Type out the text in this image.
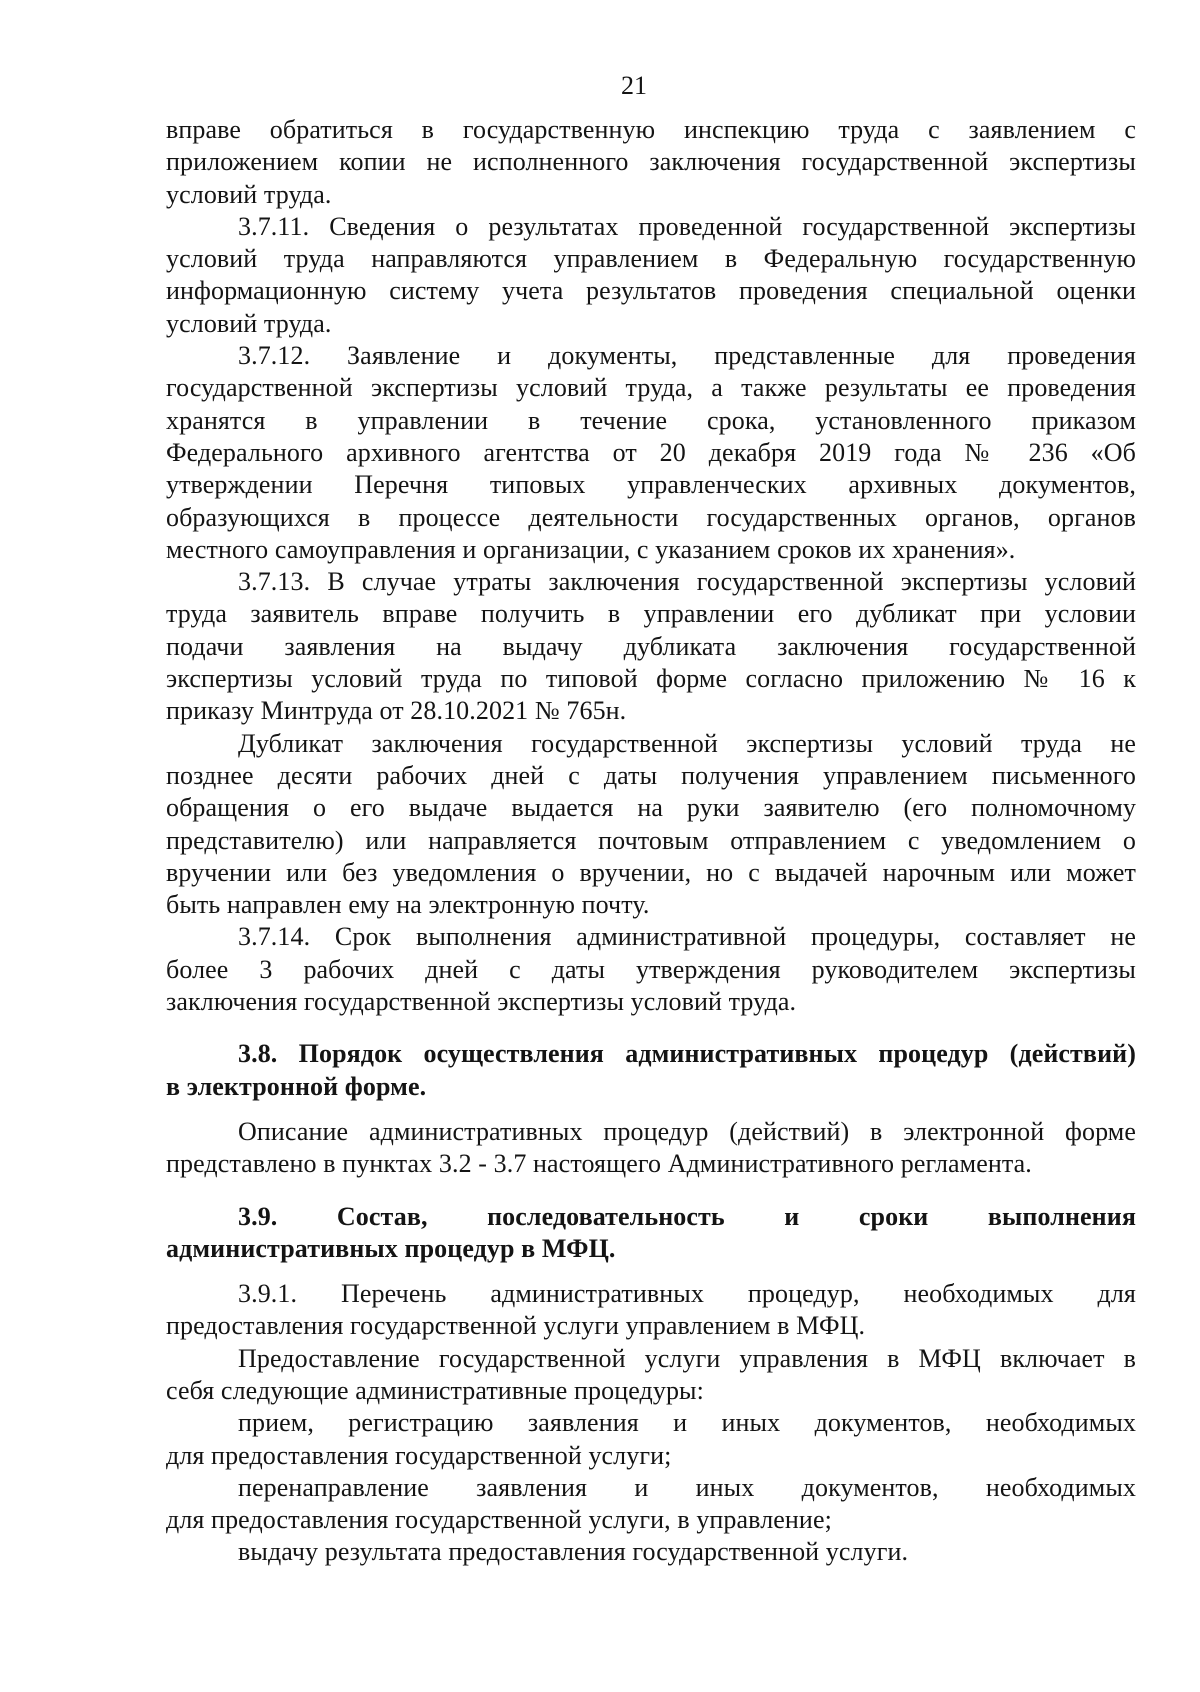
21

вправе обратиться в государственную инспекцию труда с заявлением с
приложением копии не исполненного заключения государственной экспертизы
условий труда.

3.7.11. Сведения о результатах проведенной государственной экспертизы
условий труда направляются управлением в Федеральную государственную
информационную систему учета результатов проведения специальной оценки
условий труда.

3.7.12. Заявление и документы, представленные для проведения
государственной экспертизы условий труда, а также результаты ее проведения
хранятся в управлении в течение срока, установленного приказом
Федерального архивного агентства от 20 декабря 2019 года № 236 «Об
утверждении Перечня типовых управленческих архивных документов,
образующихся в процессе деятельности государственных органов, органов
местного самоуправления и организации, с указанием сроков их хранения».

3.7.13. В случае утраты заключения государственной экспертизы условий
труда заявитель вправе получить в управлении его дубликат при условии
подачи заявления на выдачу дубликата заключения государственной
экспертизы условий труда по типовой форме согласно приложению № 16 к
приказу Минтруда от 28.10.2021 № 765н.

Дубликат заключения государственной экспертизы условий труда не
позднее десяти рабочих дней с даты получения управлением письменного
обращения о его выдаче выдается на руки заявителю (его полномочному
представителю) или направляется почтовым отправлением с уведомлением о
вручении или без уведомления о вручении, но с выдачей нарочным или может
быть направлен ему на электронную почту.

3.7.14. Срок выполнения административной процедуры, составляет не
более 3 рабочих дней с даты утверждения руководителем экспертизы
заключения государственной экспертизы условий труда.

3.8. Порядок осуществления административных процедур (действий)
в электронной форме.

Описание административных процедур (действий) в электронной форме
представлено в пунктах 3.2 - 3.7 настоящего Административного регламента.

3.9. Состав, последовательность и сроки выполнения
административных процедур в МФЦ.

3.9.1. Перечень административных процедур, необходимых для
предоставления государственной услуги управлением в МФЦ.

Предоставление государственной услуги управления в МФЦ включает в
себя следующие административные процедуры:

прием, регистрацию заявления и иных документов, необходимых
для предоставления государственной услуги;

перенаправление заявления и иных документов, необходимых
для предоставления государственной услуги, в управление;

выдачу результата предоставления государственной услуги.
